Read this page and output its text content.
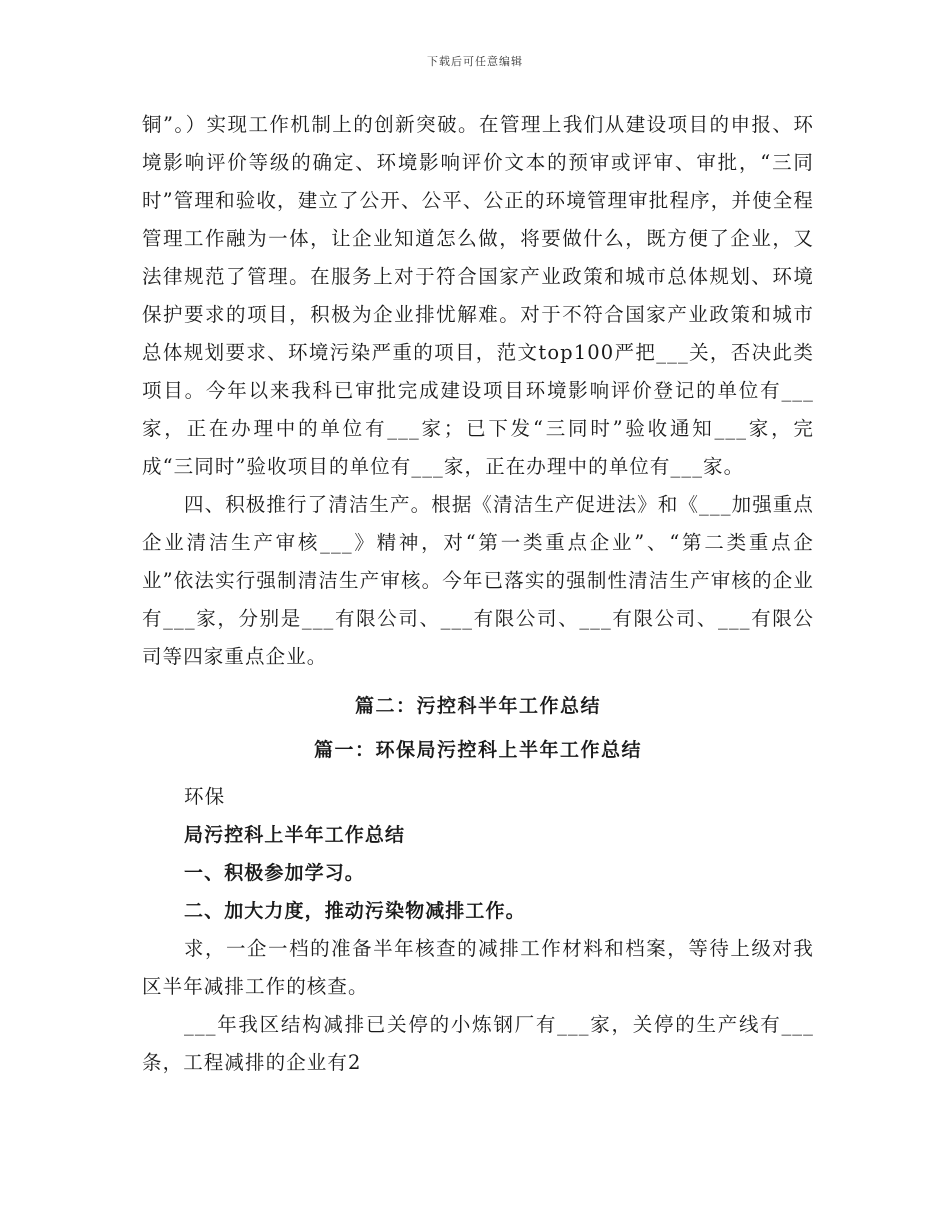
下载后可任意编辑

铜”。）实现工作机制上的创新突破。在管理上我们从建设项目的申报、环境影响评价等级的确定、环境影响评价文本的预审或评审、审批，“三同时”管理和验收，建立了公开、公平、公正的环境管理审批程序，并使全程管理工作融为一体，让企业知道怎么做，将要做什么，既方便了企业，又法律规范了管理。在服务上对于符合国家产业政策和城市总体规划、环境保护要求的项目，积极为企业排忧解难。对于不符合国家产业政策和城市总体规划要求、环境污染严重的项目，范文top100严把___关，否决此类项目。今年以来我科已审批完成建设项目环境影响评价登记的单位有___家，正在办理中的单位有___家；已下发“三同时”验收通知___家，完成“三同时”验收项目的单位有___家，正在办理中的单位有___家。

四、积极推行了清洁生产。根据《清洁生产促进法》和《___加强重点企业清洁生产审核___》精神，对“第一类重点企业”、“第二类重点企业”依法实行强制清洁生产审核。今年已落实的强制性清洁生产审核的企业有___家，分别是___有限公司、___有限公司、___有限公司、___有限公司等四家重点企业。

篇二：污控科半年工作总结

篇一：环保局污控科上半年工作总结

环保

局污控科上半年工作总结

一、积极参加学习。

二、加大力度，推动污染物减排工作。

求，一企一档的准备半年核查的减排工作材料和档案，等待上级对我区半年减排工作的核查。

___年我区结构减排已关停的小炼钢厂有___家，关停的生产线有___条，工程减排的企业有2
